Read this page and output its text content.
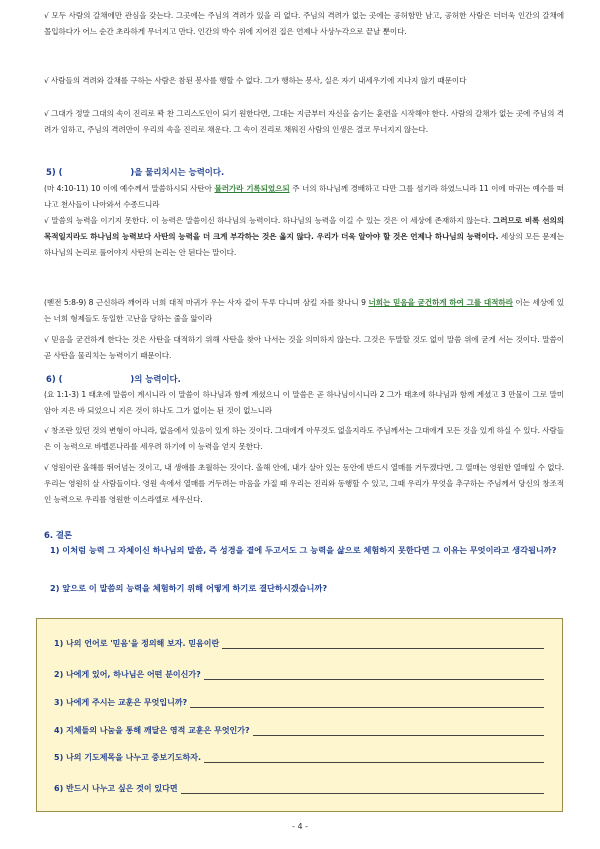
√ 모두 사람의 갈채에만 관심을 갖는다. 그곳에는 주님의 격려가 있을 리 없다. 주님의 격려가 없는 곳에는 공허함만 남고, 공허한 사람은 더더욱 인간의 갈채에 몰입하다가 어느 순간 초라하게 무너지고 만다. 인간의 박수 위에 지어진 집은 언제나 사상누각으로 끝날 뿐이다.

√ 사람들의 격려와 갈채를 구하는 사람은 참된 봉사를 행할 수 없다. 그가 행하는 봉사, 실은 자기 내세우기에 지나지 않기 때문이다

√ 그대가 정말 그대의 속이 진리로 꽉 찬 그리스도인이 되기 원한다면, 그대는 지금부터 자신을 숨기는 훈련을 시작해야 한다. 사람의 갈채가 없는 곳에 주님의 격려가 임하고, 주님의 격려만이 우리의 속을 진리로 채운다. 그 속이 진리로 채워진 사람의 인생은 결코 무너지지 않는다.

5) (	)을 물리치시는 능력이다.

(마 4:10-11) 10 이에 예수께서 말씀하시되 사탄아 물러가라 기록되었으되 주 너의 하나님께 경배하고 다만 그를 섬기라 하였느니라 11 이에 마귀는 예수를 떠나고 천사들이 나아와서 수종드니라

√ 말씀의 능력을 이기지 못한다. 이 능력은 말씀이신 하나님의 능력이다. 하나님의 능력을 이길 수 있는 것은 이 세상에 존재하지 않는다. 그러므로 비록 선의의 목적일지라도 하나님의 능력보다 사탄의 능력을 더 크게 부각하는 것은 옳지 않다. 우리가 더욱 알아야 할 것은 언제나 하나님의 능력이다. 세상의 모든 문제는 하나님의 논리로 풀어야지 사탄의 논리는 안 된다는 말이다.

(벧전 5:8-9) 8 근신하라 깨어라 너희 대적 마귀가 우는 사자 같이 두루 다니며 삼킬 자를 찾나니 9 너희는 믿음을 굳건하게 하여 그를 대적하라 이는 세상에 있는 너희 형제들도 동일한 고난을 당하는 줄을 앎이라

√ 믿음을 굳건하게 한다는 것은 사탄을 대적하기 위해 사탄을 찾아 나서는 것을 의미하지 않는다. 그것은 두말할 것도 없이 말씀 위에 굳게 서는 것이다. 말씀이 곧 사탄을 물리치는 능력이기 때문이다.

6) (	)의 능력이다.

(요 1:1-3) 1 태초에 말씀이 계시니라 이 말씀이 하나님과 함께 계셨으니 이 말씀은 곧 하나님이시니라 2 그가 태초에 하나님과 함께 계셨고 3 만물이 그로 말미암아 지은 바 되었으니 지은 것이 하나도 그가 없이는 된 것이 없느니라

√ 창조란 있던 것의 변형이 아니라, 없음에서 있음이 있게 하는 것이다. 그대에게 아무것도 없을지라도 주님께서는 그대에게 모든 것을 있게 하실 수 있다. 사람들은 이 능력으로 바벨론나라를 세우려 하기에 이 능력을 얻지 못한다.

√ 영원이란 올해를 뛰어넘는 것이고, 내 생애를 초월하는 것이다. 올해 안에, 내가 살아 있는 동안에 반드시 열매를 거두겠다면, 그 열매는 영원한 열매일 수 없다. 우리는 영원히 살 사람들이다. 영원 속에서 열매를 거두려는 마음을 가질 때 우리는 진리와 동행할 수 있고, 그때 우리가 무엇을 추구하는 주님께서 당신의 창조적인 능력으로 우리를 영원한 이스라엘로 세우신다.

6. 결론

1) 이처럼 능력 그 자체이신 하나님의 말씀, 즉 성경을 곁에 두고서도 그 능력을 삶으로 체험하지 못한다면 그 이유는 무엇이라고 생각됩니까?

2) 앞으로 이 말씀의 능력을 체험하기 위해 어떻게 하기로 결단하시겠습니까?

1) 나의 언어로 '믿음'을 정의해 보자. 믿음이란
2) 나에게 있어, 하나님은 어떤 분이신가?
3) 나에게 주시는 교훈은 무엇입니까?
4) 지체들의 나눔을 통해 깨달은 영적 교훈은 무엇인가?
5) 나의 기도제목을 나누고 중보기도하자.
6) 반드시 나누고 싶은 것이 있다면
- 4 -
